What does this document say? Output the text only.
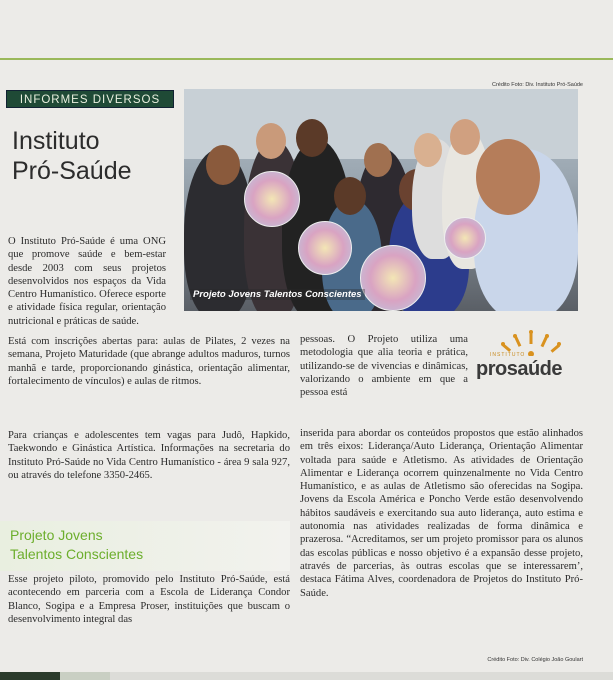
Crédito Foto: Div. Instituto Pró-Saúde
INFORMES DIVERSOS
Instituto
Pró-Saúde
Projeto Jovens Talentos Conscientes

O Instituto Pró-Saúde é uma ONG que promove saúde e bem-estar desde 2003 com seus projetos desenvolvidos nos espaços da Vida Centro Humanístico. Oferece esporte e atividade física regular, orientação nutricional e práticas de saúde.

Está com inscrições abertas para: aulas de Pilates, 2 vezes na semana, Projeto Maturidade (que abrange adultos maduros, turnos manhã e tarde, proporcionando ginástica, orientação alimentar, fortalecimento de vínculos) e aulas de ritmos.

Para crianças e adolescentes tem vagas para Judô, Hapkido, Taekwondo e Ginástica Artística. Informações na secretaria do Instituto Pró-Saúde no Vida Centro Humanístico - área 9 sala 927, ou através do telefone 3350-2465.

pessoas. O Projeto utiliza uma metodologia que alia teoria e prática, utilizando-se de vivencias e dinâmicas, valorizando o ambiente em que a pessoa está

INSTITUTO
prosaúde

inserida para abordar os conteúdos propostos que estão alinhados em três eixos: Liderança/Auto Liderança, Orientação Alimentar voltada para saúde e Atletismo. As atividades de Orientação Alimentar e Liderança ocorrem quinzenalmente no Vida Centro Humanístico, e as aulas de Atletismo são oferecidas na Sogipa. Jovens da Escola América e Poncho Verde estão desenvolvendo hábitos saudáveis e exercitando sua auto liderança, auto estima e autonomia nas atividades realizadas de forma dinâmica e prazerosa. “Acreditamos, ser um projeto promissor para os alunos das escolas públicas e nosso objetivo é a expansão desse projeto, através de parcerias, às outras escolas que se interessarem’, destaca Fátima Alves, coordenadora de Projetos do Instituto Pró-Saúde.

Projeto Jovens
Talentos Conscientes

Esse projeto piloto, promovido pelo Instituto Pró-Saúde, está acontecendo em parceria com a Escola de Liderança Condor Blanco, Sogipa e a Empresa Proser, instituições que buscam o desenvolvimento integral das

Crédito Foto: Div. Colégio João Goulart
